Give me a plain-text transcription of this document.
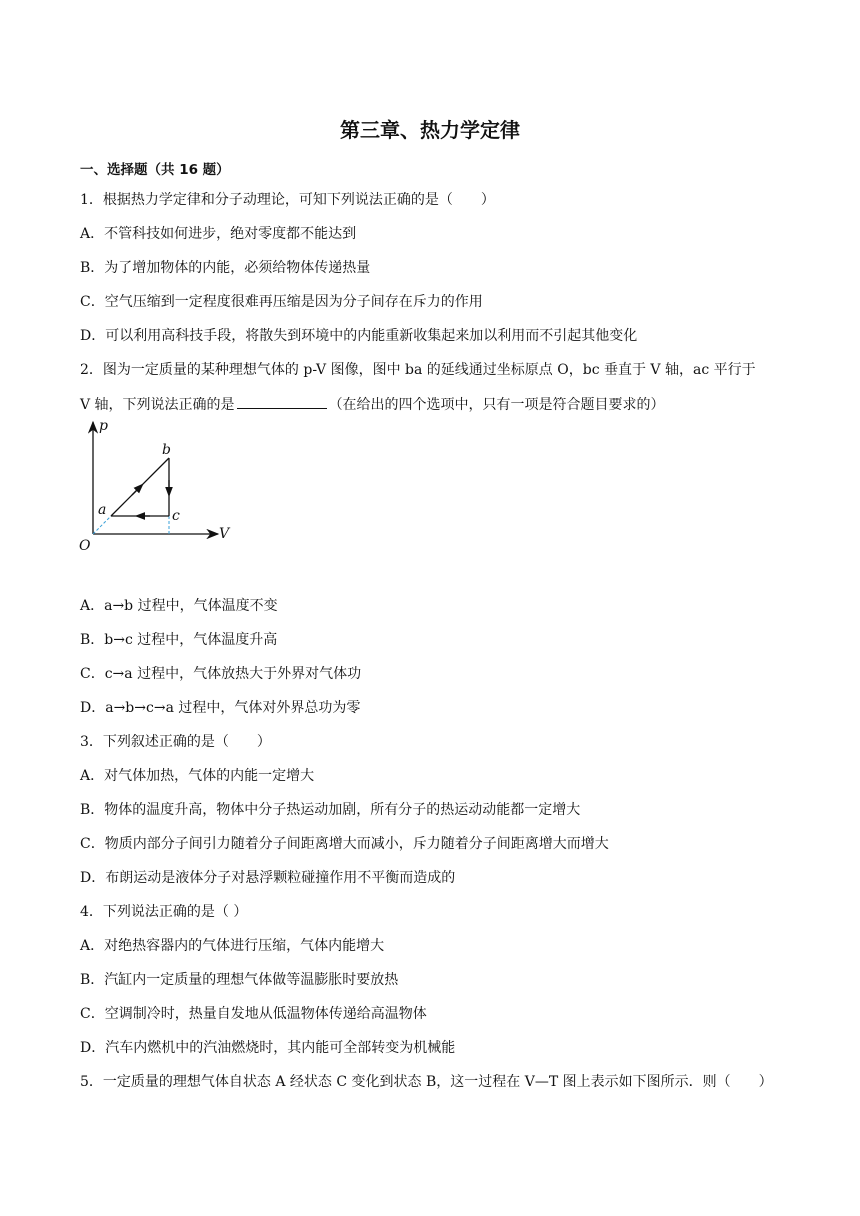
第三章、热力学定律
一、选择题（共 16 题）
1．根据热力学定律和分子动理论，可知下列说法正确的是（　　）
A．不管科技如何进步，绝对零度都不能达到
B．为了增加物体的内能，必须给物体传递热量
C．空气压缩到一定程度很难再压缩是因为分子间存在斥力的作用
D．可以利用高科技手段，将散失到环境中的内能重新收集起来加以利用而不引起其他变化
2．图为一定质量的某种理想气体的 p-V 图像，图中 ba 的延线通过坐标原点 O，bc 垂直于 V 轴，ac 平行于
V 轴，下列说法正确的是	（在给出的四个选项中，只有一项是符合题目要求的）
p
V
O
a
b
c
A．a→b 过程中，气体温度不变
B．b→c 过程中，气体温度升高
C．c→a 过程中，气体放热大于外界对气体功
D．a→b→c→a 过程中，气体对外界总功为零
3．下列叙述正确的是（　　）
A．对气体加热，气体的内能一定增大
B．物体的温度升高，物体中分子热运动加剧，所有分子的热运动动能都一定增大
C．物质内部分子间引力随着分子间距离增大而减小，斥力随着分子间距离增大而增大
D．布朗运动是液体分子对悬浮颗粒碰撞作用不平衡而造成的
4．下列说法正确的是（ ）
A．对绝热容器内的气体进行压缩，气体内能增大
B．汽缸内一定质量的理想气体做等温膨胀时要放热
C．空调制冷时，热量自发地从低温物体传递给高温物体
D．汽车内燃机中的汽油燃烧时，其内能可全部转变为机械能
5．一定质量的理想气体自状态 A 经状态 C 变化到状态 B，这一过程在 V—T 图上表示如下图所示．则（　　）
